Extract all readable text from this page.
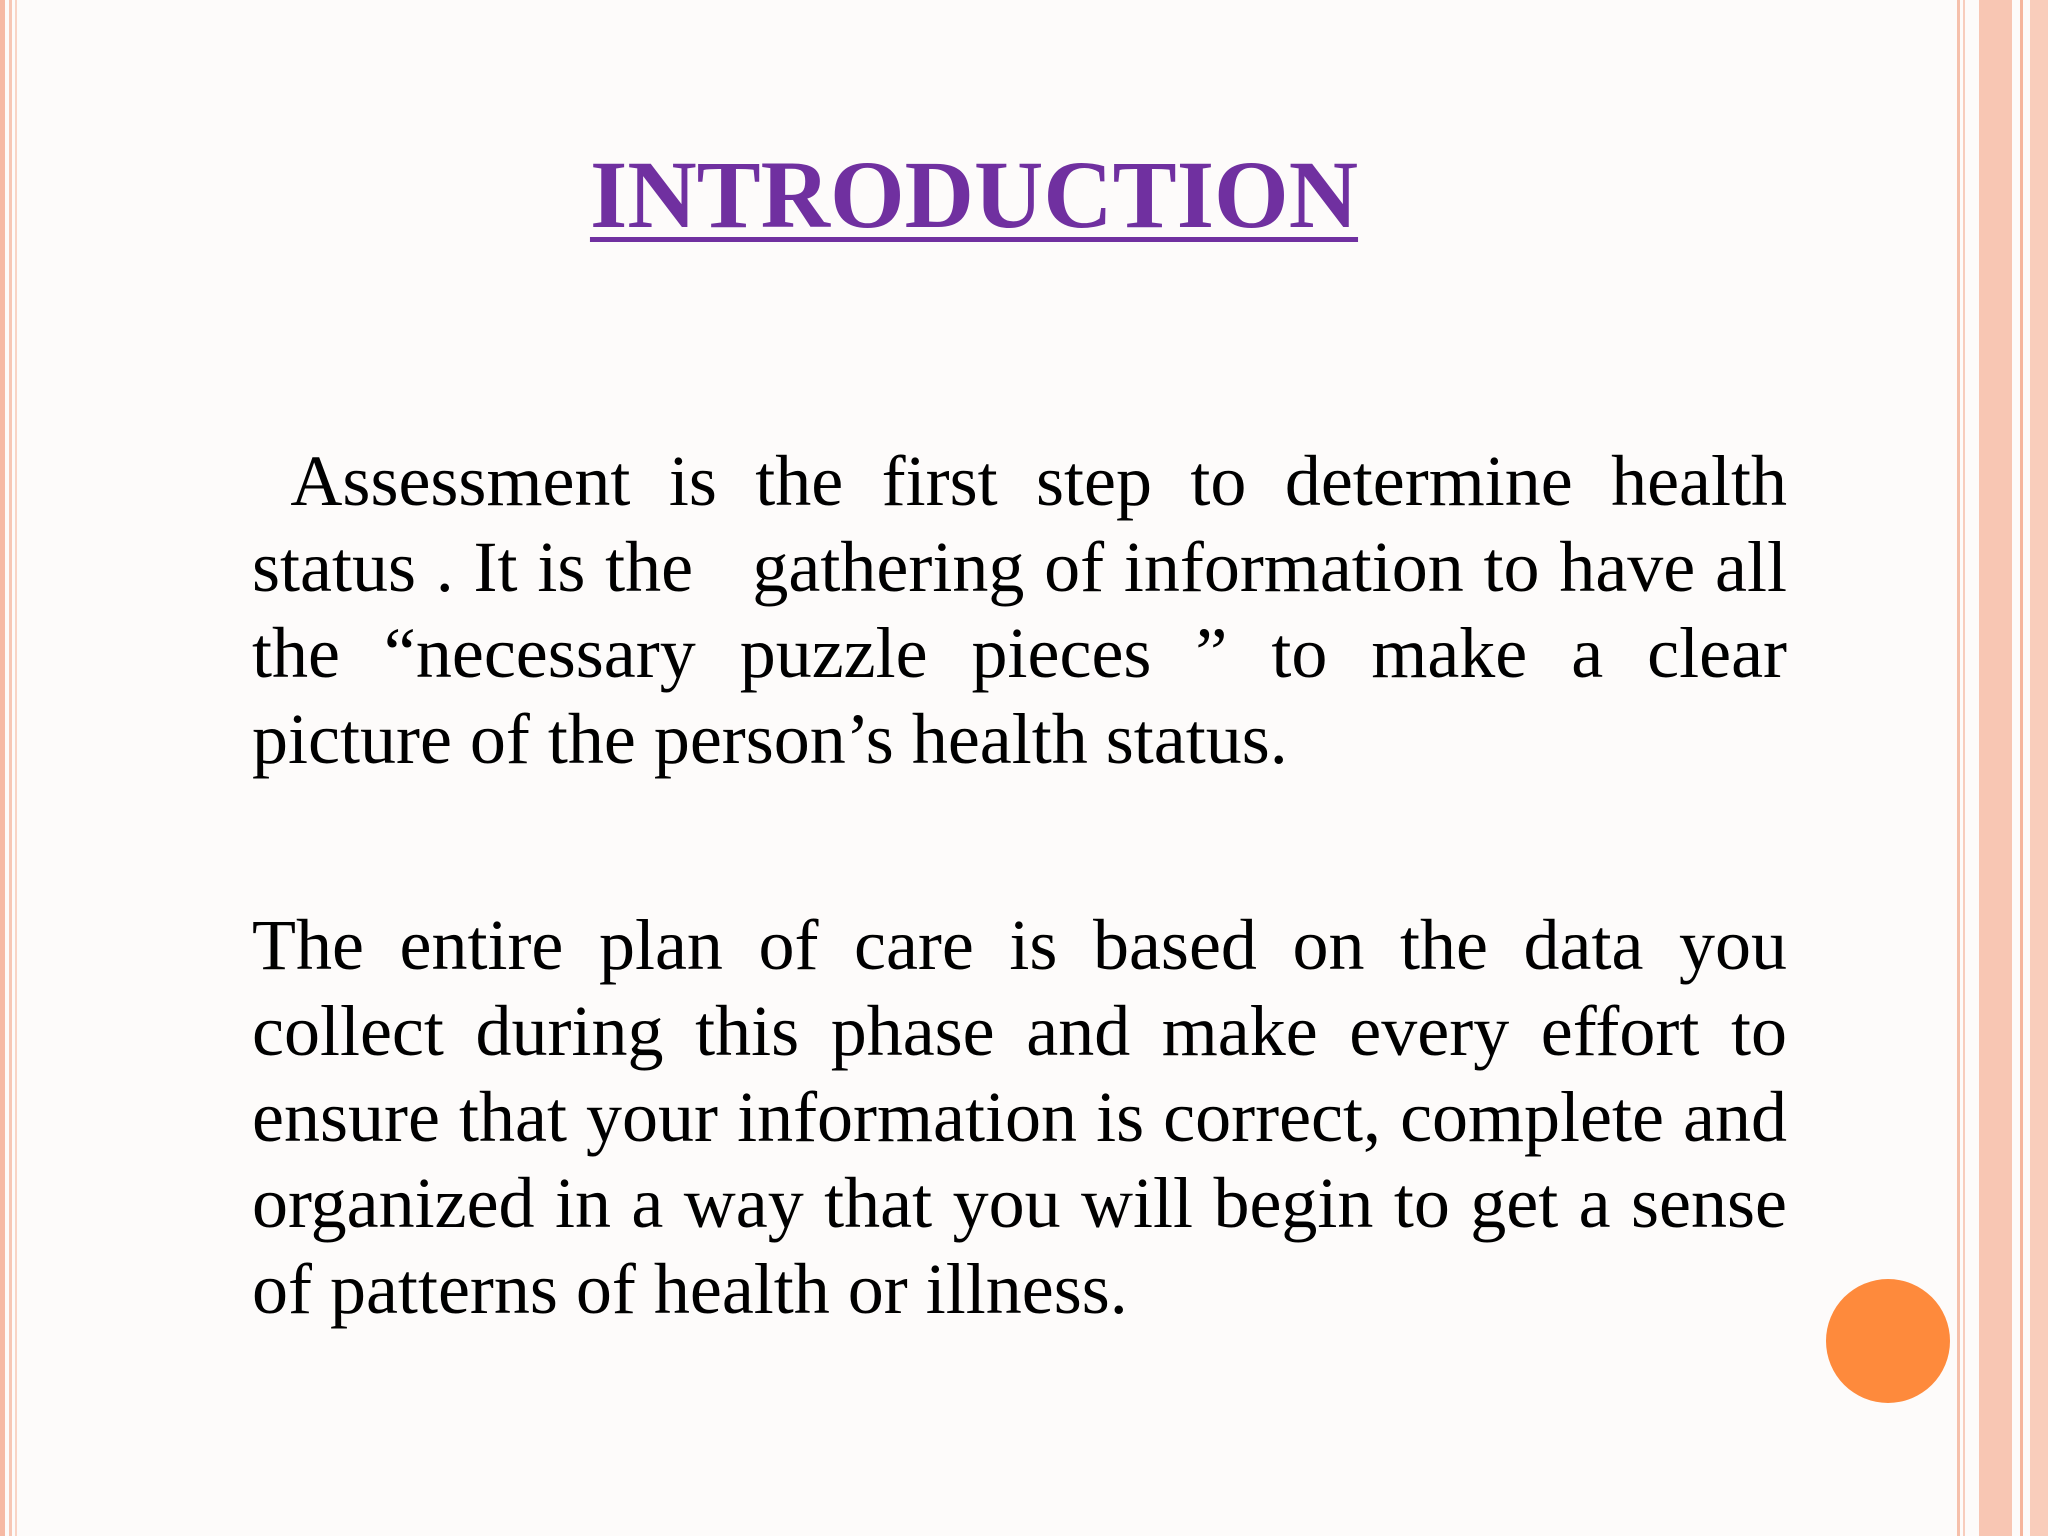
INTRODUCTION

Assessment is the first step to determine health status . It is the   gathering of information to have all the “necessary puzzle pieces ” to make a clear picture of the person’s health status.

The entire plan of care is based on the data you collect during this phase and make every effort to ensure that your information is correct, complete and organized in a way that you will begin to get a sense of patterns of health or illness.
